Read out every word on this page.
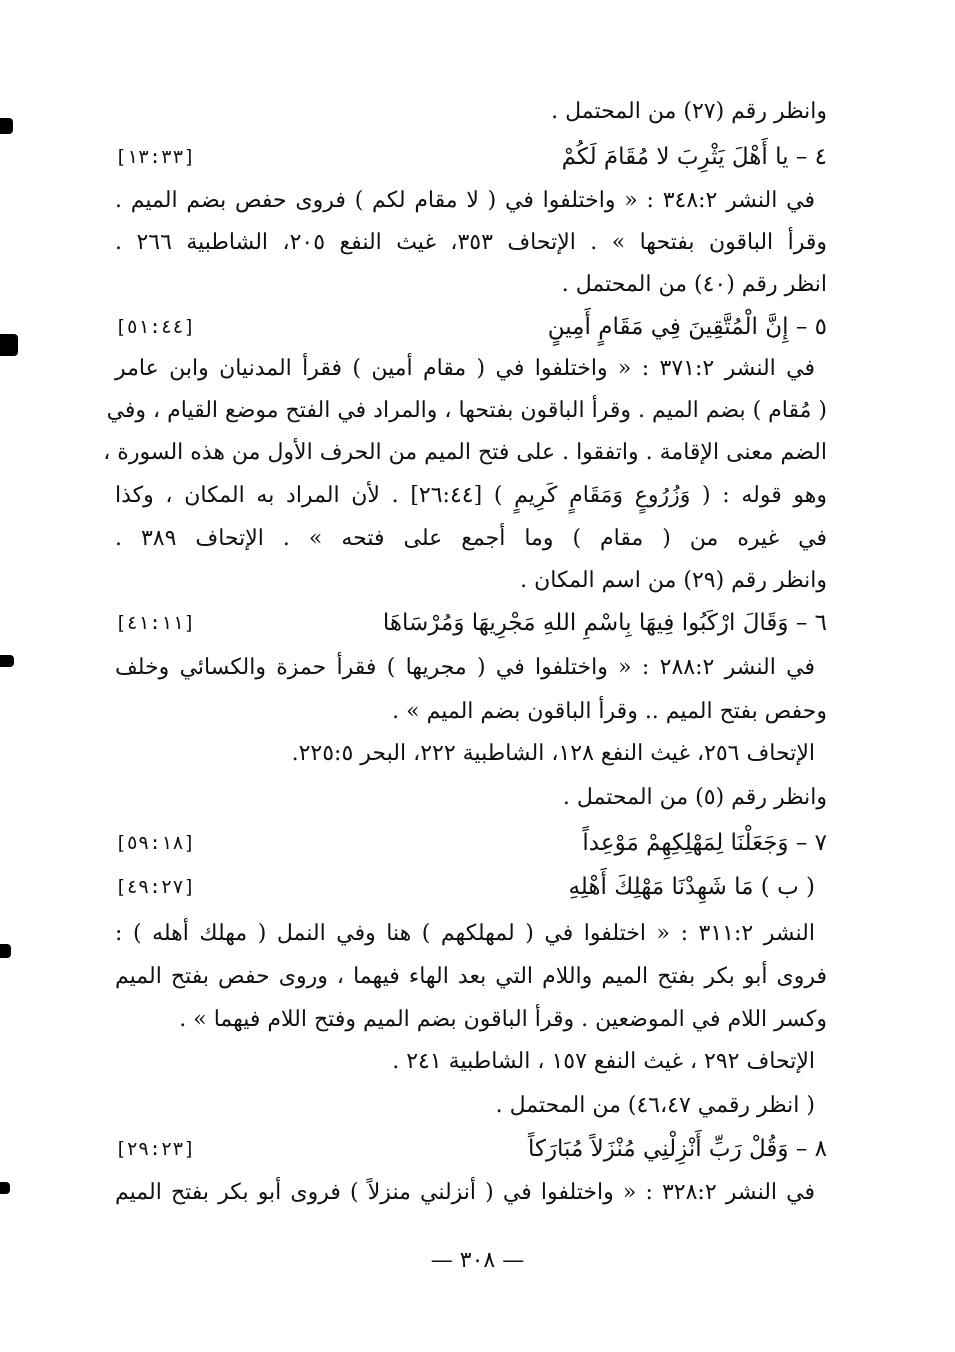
وانظر رقم (٢٧) من المحتمل .
٤ – يا أَهْلَ يَثْرِبَ لا مُقَامَ لَكُمْ
[١٣:٣٣]
في النشر ٣٤٨:٢ : « واختلفوا في ( لا مقام لكم ) فروى حفص بضم الميم .
وقرأ الباقون بفتحها » . الإتحاف ٣٥٣، غيث النفع ٢٠٥، الشاطبية ٢٦٦ .
انظر رقم (٤٠) من المحتمل .
٥ – إِنَّ الْمُتَّقِينَ فِي مَقَامٍ أَمِينٍ
[٥١:٤٤]
في النشر ٣٧١:٢ : « واختلفوا في ( مقام أمين ) فقرأ المدنيان وابن عامر
( مُقام ) بضم الميم . وقرأ الباقون بفتحها ، والمراد في الفتح موضع القيام ، وفي
الضم معنى الإقامة . واتفقوا . على فتح الميم من الحرف الأول من هذه السورة ،
وهو قوله : ( وَزُرُوعٍ وَمَقَامٍ كَرِيمٍ ) [٢٦:٤٤] . لأن المراد به المكان ، وكذا
في غيره من ( مقام ) وما أجمع على فتحه » . الإتحاف ٣٨٩ .
وانظر رقم (٢٩) من اسم المكان .
٦ – وَقَالَ ارْكَبُوا فِيهَا بِاسْمِ اللهِ مَجْرِيهَا وَمُرْسَاهَا
[٤١:١١]
في النشر ٢٨٨:٢ : « واختلفوا في ( مجريها ) فقرأ حمزة والكسائي وخلف
وحفص بفتح الميم .. وقرأ الباقون بضم الميم » .
الإتحاف ٢٥٦، غيث النفع ١٢٨، الشاطبية ٢٢٢، البحر ٢٢٥:٥.
وانظر رقم (٥) من المحتمل .
٧ – وَجَعَلْنَا لِمَهْلِكِهِمْ مَوْعِداً
[٥٩:١٨]
( ب ) مَا شَهِدْنَا مَهْلِكَ أَهْلِهِ
[٤٩:٢٧]
النشر ٣١١:٢ : « اختلفوا في ( لمهلكهم ) هنا وفي النمل ( مهلك أهله ) :
فروى أبو بكر بفتح الميم واللام التي بعد الهاء فيهما ، وروى حفص بفتح الميم
وكسر اللام في الموضعين . وقرأ الباقون بضم الميم وفتح اللام فيهما » .
الإتحاف ٢٩٢ ، غيث النفع ١٥٧ ، الشاطبية ٢٤١ .
( انظر رقمي ٤٦،٤٧) من المحتمل .
٨ – وَقُلْ رَبِّ أَنْزِلْنِي مُنْزَلاً مُبَارَكاً
[٢٩:٢٣]
في النشر ٣٢٨:٢ : « واختلفوا في ( أنزلني منزلاً ) فروى أبو بكر بفتح الميم
— ٣٠٨ —
